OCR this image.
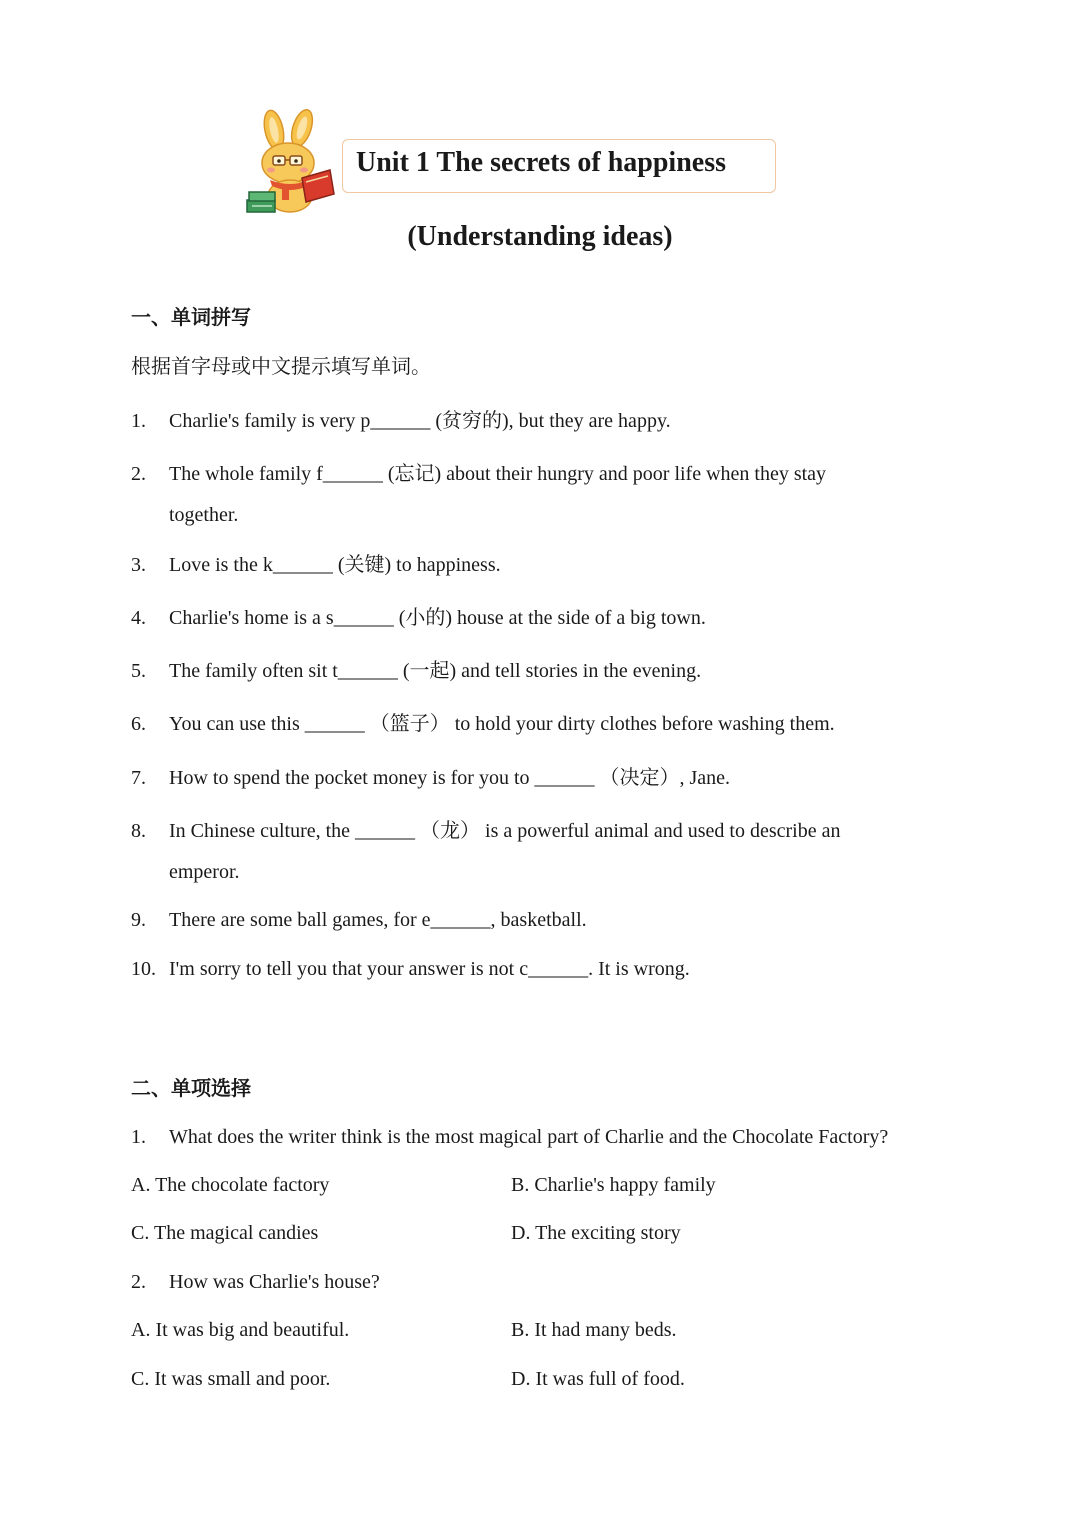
Unit 1 The secrets of happiness
(Understanding ideas)
一、单词拼写
根据首字母或中文提示填写单词。
1. Charlie's family is very p______ (贫穷的), but they are happy.
2. The whole family f______ (忘记) about their hungry and poor life when they stay
together.
3. Love is the k______ (关键) to happiness.
4. Charlie's home is a s______ (小的) house at the side of a big town.
5. The family often sit t______ (一起) and tell stories in the evening.
6. You can use this ______ （篮子） to hold your dirty clothes before washing them.
7. How to spend the pocket money is for you to ______ （决定）, Jane.
8. In Chinese culture, the ______ （龙） is a powerful animal and used to describe an
emperor.
9. There are some ball games, for e______, basketball.
10. I'm sorry to tell you that your answer is not c______. It is wrong.
二、单项选择
1. What does the writer think is the most magical part of Charlie and the Chocolate Factory?
A. The chocolate factory	B. Charlie's happy family
C. The magical candies	D. The exciting story
2. How was Charlie's house?
A. It was big and beautiful.	B. It had many beds.
C. It was small and poor.	D. It was full of food.
